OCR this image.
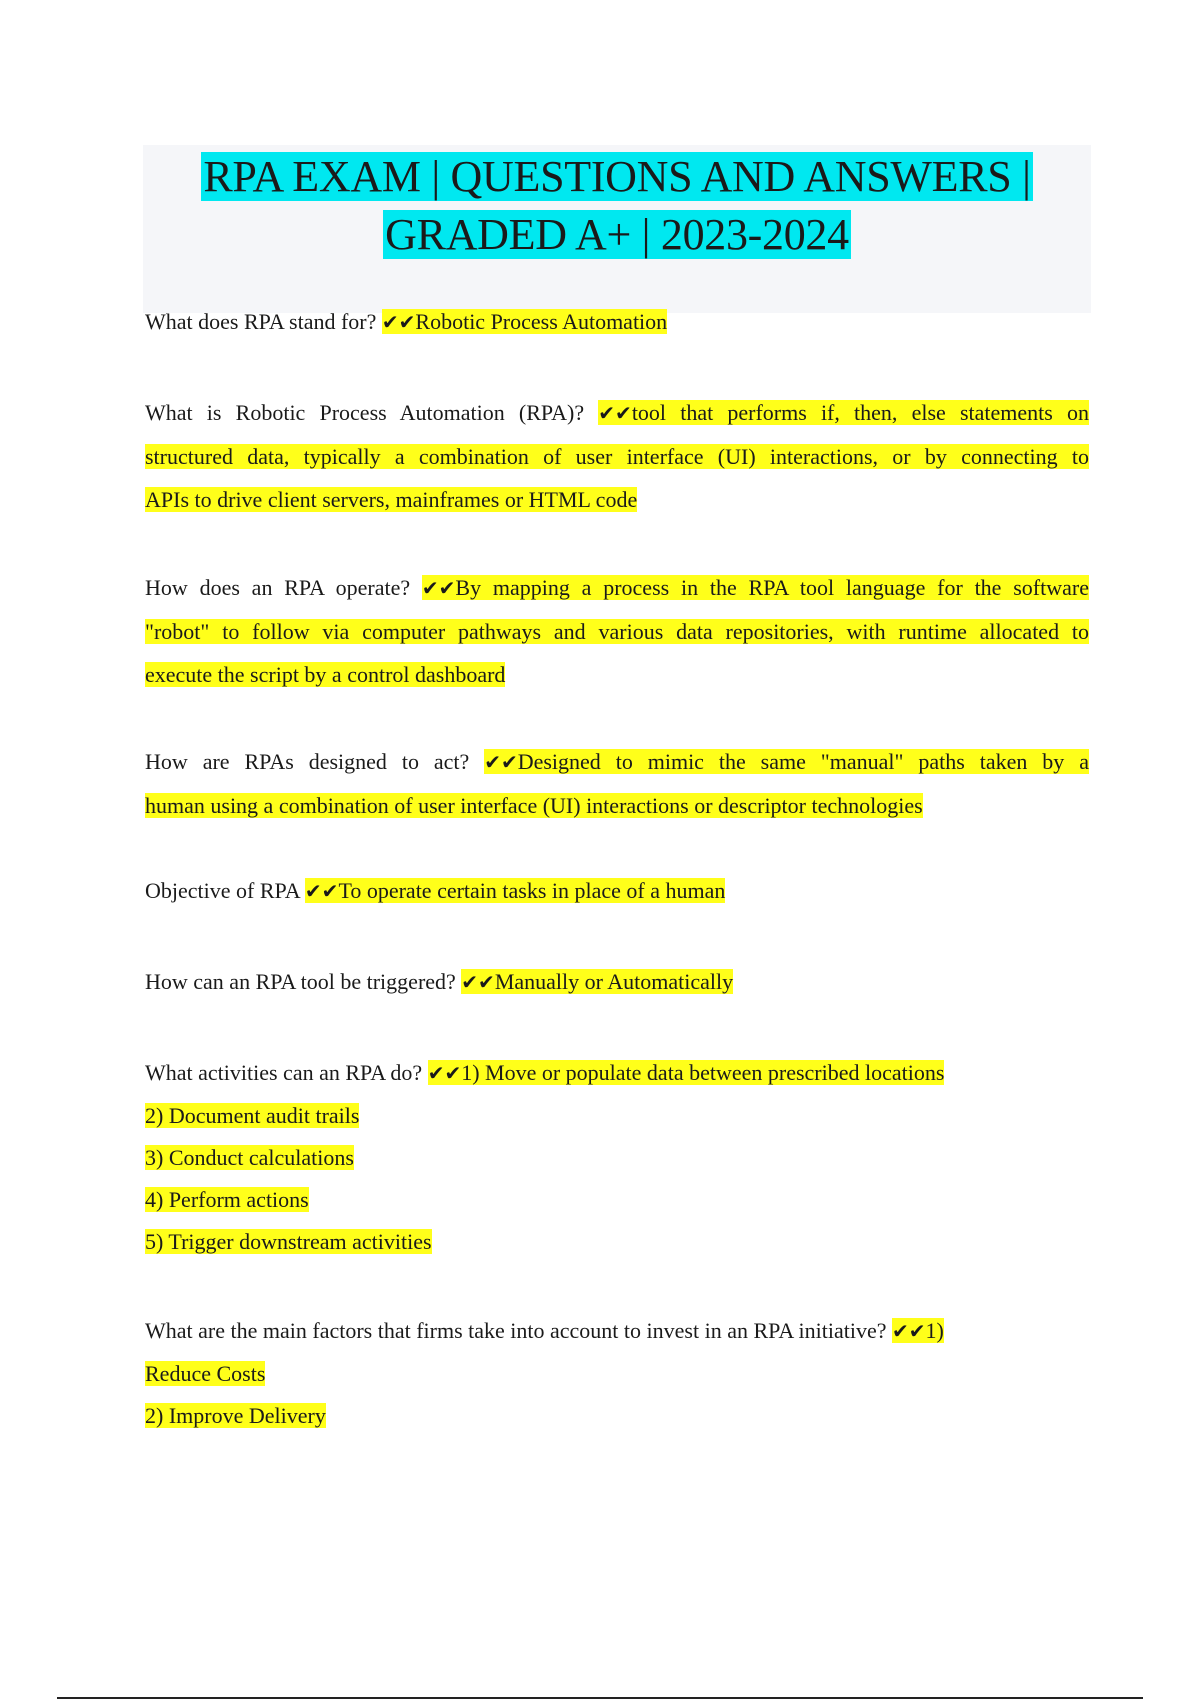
RPA EXAM | QUESTIONS AND ANSWERS |
GRADED A+ | 2023-2024
What does RPA stand for? ✔✔Robotic Process Automation
What is Robotic Process Automation (RPA)? ✔✔tool that performs if, then, else statements on
structured data, typically a combination of user interface (UI) interactions, or by connecting to
APIs to drive client servers, mainframes or HTML code
How does an RPA operate? ✔✔By mapping a process in the RPA tool language for the software
"robot" to follow via computer pathways and various data repositories, with runtime allocated to
execute the script by a control dashboard
How are RPAs designed to act? ✔✔Designed to mimic the same "manual" paths taken by a
human using a combination of user interface (UI) interactions or descriptor technologies
Objective of RPA ✔✔To operate certain tasks in place of a human
How can an RPA tool be triggered? ✔✔Manually or Automatically
What activities can an RPA do? ✔✔1) Move or populate data between prescribed locations
2) Document audit trails
3) Conduct calculations
4) Perform actions
5) Trigger downstream activities
What are the main factors that firms take into account to invest in an RPA initiative? ✔✔1)
Reduce Costs
2) Improve Delivery
